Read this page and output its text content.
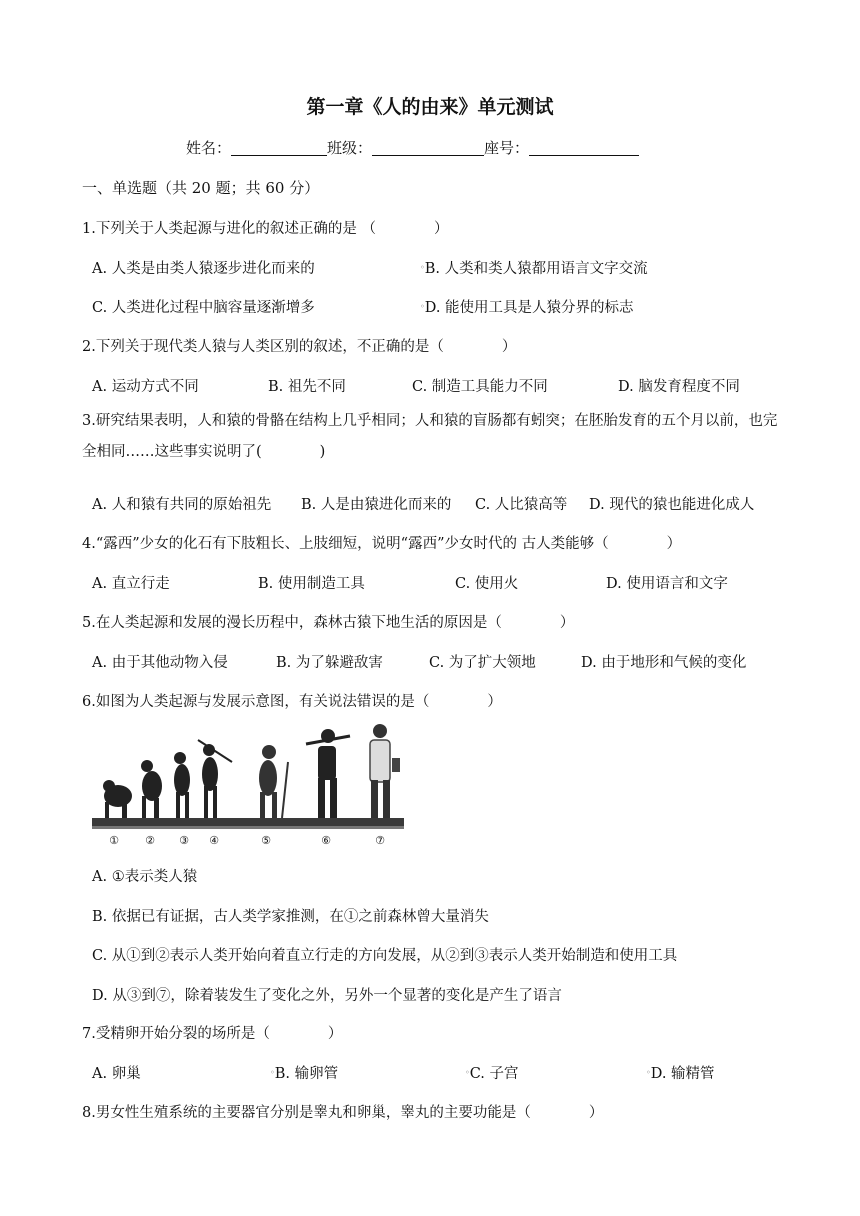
第一章《人的由来》单元测试
姓名：	班级：	座号：
一、单选题（共 20 题；共 60 分）
1.下列关于人类起源与进化的叙述正确的是 （　　　　）
A. 人类是由类人猿逐步进化而来的	◦B. 人类和类人猿都用语言文字交流
C. 人类进化过程中脑容量逐渐增多	◦D. 能使用工具是人猿分界的标志
2.下列关于现代类人猿与人类区别的叙述，不正确的是（　　　　）
A. 运动方式不同	B. 祖先不同	C. 制造工具能力不同	D. 脑发育程度不同
3.研究结果表明，人和猿的骨骼在结构上几乎相同；人和猿的盲肠都有蚓突；在胚胎发育的五个月以前，也完全相同……这些事实说明了(　　　　)
A. 人和猿有共同的原始祖先 B. 人是由猿进化而来的 C. 人比猿高等 D. 现代的猿也能进化成人
4.“露西”少女的化石有下肢粗长、上肢细短，说明“露西”少女时代的 古人类能够（　　　　）
A. 直立行走	B. 使用制造工具	C. 使用火	D. 使用语言和文字
5.在人类起源和发展的漫长历程中，森林古猿下地生活的原因是（　　　　）
A. 由于其他动物入侵	B. 为了躲避敌害	C. 为了扩大领地	D. 由于地形和气候的变化
6.如图为人类起源与发展示意图，有关说法错误的是（　　　　）
① ② ③ ④	⑤	⑥	⑦
A. ①表示类人猿
B. 依据已有证据，古人类学家推测，在①之前森林曾大量消失
C. 从①到②表示人类开始向着直立行走的方向发展，从②到③表示人类开始制造和使用工具
D. 从③到⑦，除着装发生了变化之外，另外一个显著的变化是产生了语言
7.受精卵开始分裂的场所是（　　　　）
A. 卵巢	◦B. 输卵管	◦C. 子宫	◦D. 输精管
8.男女性生殖系统的主要器官分别是睾丸和卵巢，睾丸的主要功能是（　　　　）
